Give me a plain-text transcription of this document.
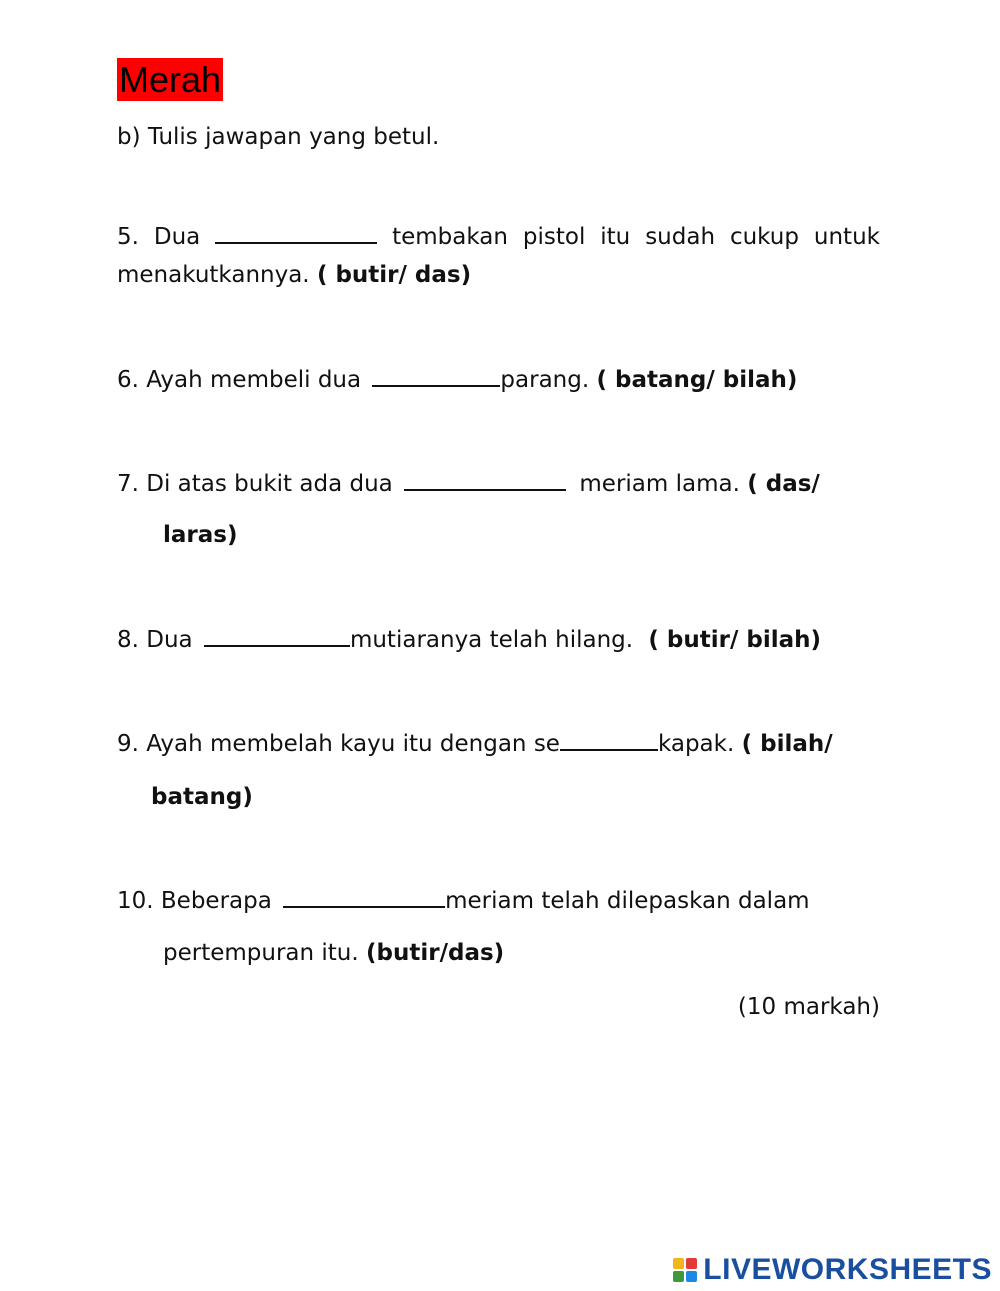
Merah
b) Tulis jawapan yang betul.
5. Dua	tembakan pistol itu sudah cukup untuk
menakutkannya. ( butir/ das)
6. Ayah membeli dua	parang. ( batang/ bilah)
7. Di atas bukit ada dua	meriam lama. ( das/
laras)
8. Dua	mutiaranya telah hilang. ( butir/ bilah)
9. Ayah membelah kayu itu dengan se	kapak. ( bilah/
batang)
10. Beberapa	meriam telah dilepaskan dalam
pertempuran itu. (butir/das)
(10 markah)
LIVEWORKSHEETS
